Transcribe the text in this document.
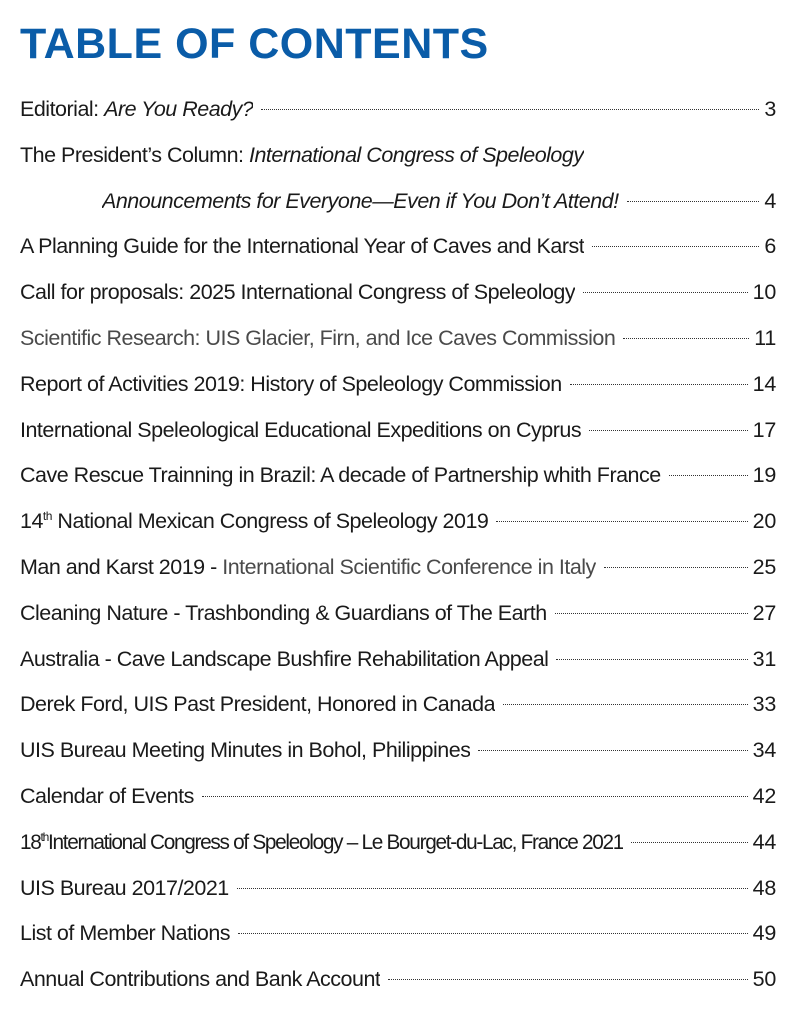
TABLE OF CONTENTS
Editorial: Are You Ready?	3
The President’s Column: International Congress of Speleology
Announcements for Everyone—Even if You Don’t Attend!	4
A Planning Guide for the International Year of Caves and Karst	6
Call for proposals: 2025 International Congress of Speleology	10
Scientific Research: UIS Glacier, Firn, and Ice Caves Commission	11
Report of Activities 2019: History of Speleology Commission	14
International Speleological Educational Expeditions on Cyprus	17
Cave Rescue Trainning in Brazil: A decade of Partnership whith France	19
14th National Mexican Congress of Speleology 2019	20
Man and Karst 2019 - International Scientific Conference in Italy	25
Cleaning Nature - Trashbonding & Guardians of The Earth	27
Australia - Cave Landscape Bushfire Rehabilitation Appeal	31
Derek Ford, UIS Past President, Honored in Canada	33
UIS Bureau Meeting Minutes in Bohol, Philippines	34
Calendar of Events	42
18thInternational Congress of Speleology – Le Bourget-du-Lac, France 2021	44
UIS Bureau 2017/2021	48
List of Member Nations	49
Annual Contributions and Bank Account	50
